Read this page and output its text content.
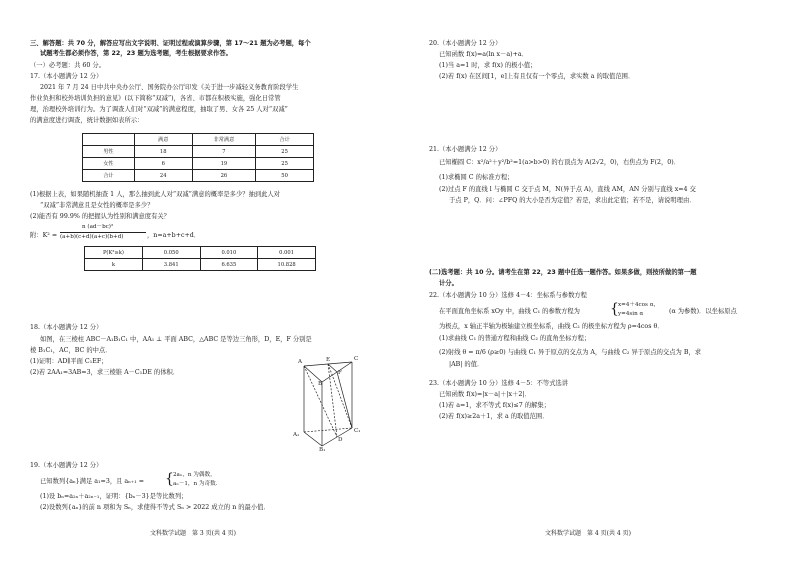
三、解答题：共 70 分，解答应写出文字说明、证明过程或演算步骤，第 17～21 题为必考题，每个
试题考生都必须作答，第 22，23 题为选考题，考生根据要求作答。
（一）必考题：共 60 分。
17.（本小题满分 12 分）
2021 年 7 月 24 日中共中央办公厅、国务院办公厅印发《关于进一步减轻义务教育阶段学生
作业负担和校外培训负担的意见》(以下简称“双减”)，各省、市都在积极实施，强化日常管
理，治理校外培训行为。为了调查人们对“双减”的满意程度，抽取了男、女各 25 人对“双减”
的满意度进行调查，统计数据如表所示：
	满意	非常满意	合计
男性	18	7	25
女性	6	19	25
合计	24	26	50
(1)根据上表，如果随机抽查 1 人，那么抽到此人对“双减”满意的概率是多少？抽到此人对
“双减”非常满意且是女性的概率是多少？
(2)能否有 99.9% 的把握认为性别和满意度有关？
附：K² =
n (ad－bc)²
(a+b)(c+d)(a+c)(b+d)	，n=a+b+c+d．
P(K²≥k)	0.050	0.010	0.001
k	3.841	6.635	10.828
18.（本小题满分 12 分）
如图，在三棱柱 ABC－A₁B₁C₁ 中，AA₁ ⊥ 平面 ABC，△ABC 是等边三角形，D，E，F 分别是
棱 B₁C₁，AC，BC 的中点．
(1)证明：AD∥平面 C₁EF；
(2)若 2AA₁=3AB=3，求三棱锥 A－C₁DE 的体积．
A	E
F
C
B
D
A₁
C₁
B₁
19.（本小题满分 12 分）
已知数列{aₙ}满足 a₁=3，且 aₙ₊₁ = { 2aₙ，n 为偶数，
aₙ－1，n 为奇数．
(1)设 bₙ=a₂ₙ＋a₂ₙ₋₁，证明：{bₙ－3}是等比数列；
(2)设数列{aₙ}的前 n 项和为 Sₙ，求使得不等式 Sₙ > 2022 成立的 n 的最小值．
文科数学试题　第 3 页(共 4 页)
20.（本小题满分 12 分）
已知函数 f(x)=a(ln x－a)+a．
(1)当 a=1 时，求 f(x) 的极小值；
(2)若 f(x) 在区间[1，e]上有且仅有一个零点，求实数 a 的取值范围．
21.（本小题满分 12 分）
已知椭圆 C：x²/a²＋y²/b²=1(a>b>0) 的右顶点为 A(2√2，0)，右焦点为 F(2，0)．
(1)求椭圆 C 的标准方程；
(2)过点 F 的直线 l 与椭圆 C 交于点 M，N(异于点 A)，直线 AM，AN 分别与直线 x=4 交
于点 P，Q．问：∠PFQ 的大小是否为定值？若是，求出此定值；若不是，请说明理由．
(二)选考题：共 10 分。请考生在第 22，23 题中任选一题作答。如果多做，则按所做的第一题
计分。
22.（本小题满分 10 分）选修 4－4：坐标系与参数方程
在平面直角坐标系 xOy 中，曲线 C₁ 的参数方程为 { x=4＋4cos α，
y=4sin α	(α 为参数)．以坐标原点
为极点，x 轴正半轴为极轴建立极坐标系，曲线 C₂ 的极坐标方程为 ρ=4cos θ．
(1)求曲线 C₁ 的普通方程和曲线 C₂ 的直角坐标方程；
(2)射线 θ = π/6 (ρ≥0) 与曲线 C₁ 异于原点的交点为 A，与曲线 C₂ 异于原点的交点为 B，求
|AB| 的值．
23.（本小题满分 10 分）选修 4－5：不等式选讲
已知函数 f(x)=|x－a|＋|x＋2|．
(1)若 a=1，求不等式 f(x)≤7 的解集；
(2)若 f(x)≥2a＋1，求 a 的取值范围．
文科数学试题　第 4 页(共 4 页)
